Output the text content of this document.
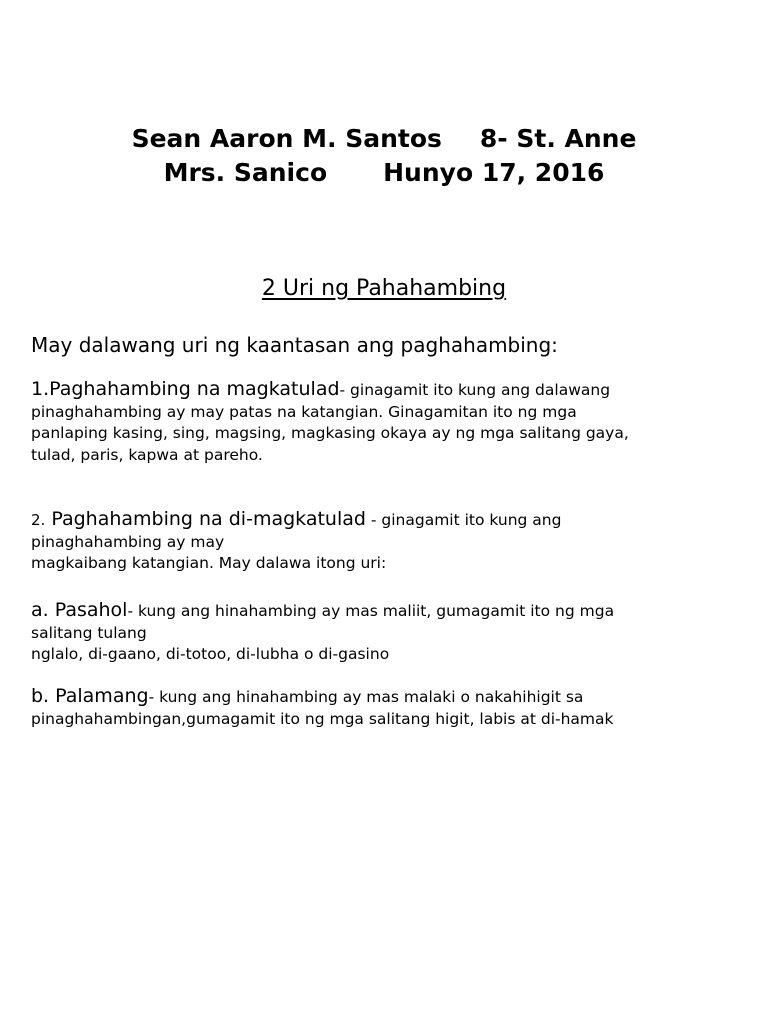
Sean Aaron M. Santos 8- St. Anne
Mrs. Sanico Hunyo 17, 2016
2 Uri ng Pahahambing
May dalawang uri ng kaantasan ang paghahambing:
1.Paghahambing na magkatulad- ginagamit ito kung ang dalawang
pinaghahambing ay may patas na katangian. Ginagamitan ito ng mga
panlaping kasing, sing, magsing, magkasing okaya ay ng mga salitang gaya,
tulad, paris, kapwa at pareho.
2. Paghahambing na di-magkatulad - ginagamit ito kung ang
pinaghahambing ay may
magkaibang katangian. May dalawa itong uri:
a. Pasahol- kung ang hinahambing ay mas maliit, gumagamit ito ng mga
salitang tulang
nglalo, di-gaano, di-totoo, di-lubha o di-gasino
b. Palamang- kung ang hinahambing ay mas malaki o nakahihigit sa
pinaghahambingan,gumagamit ito ng mga salitang higit, labis at di-hamak
